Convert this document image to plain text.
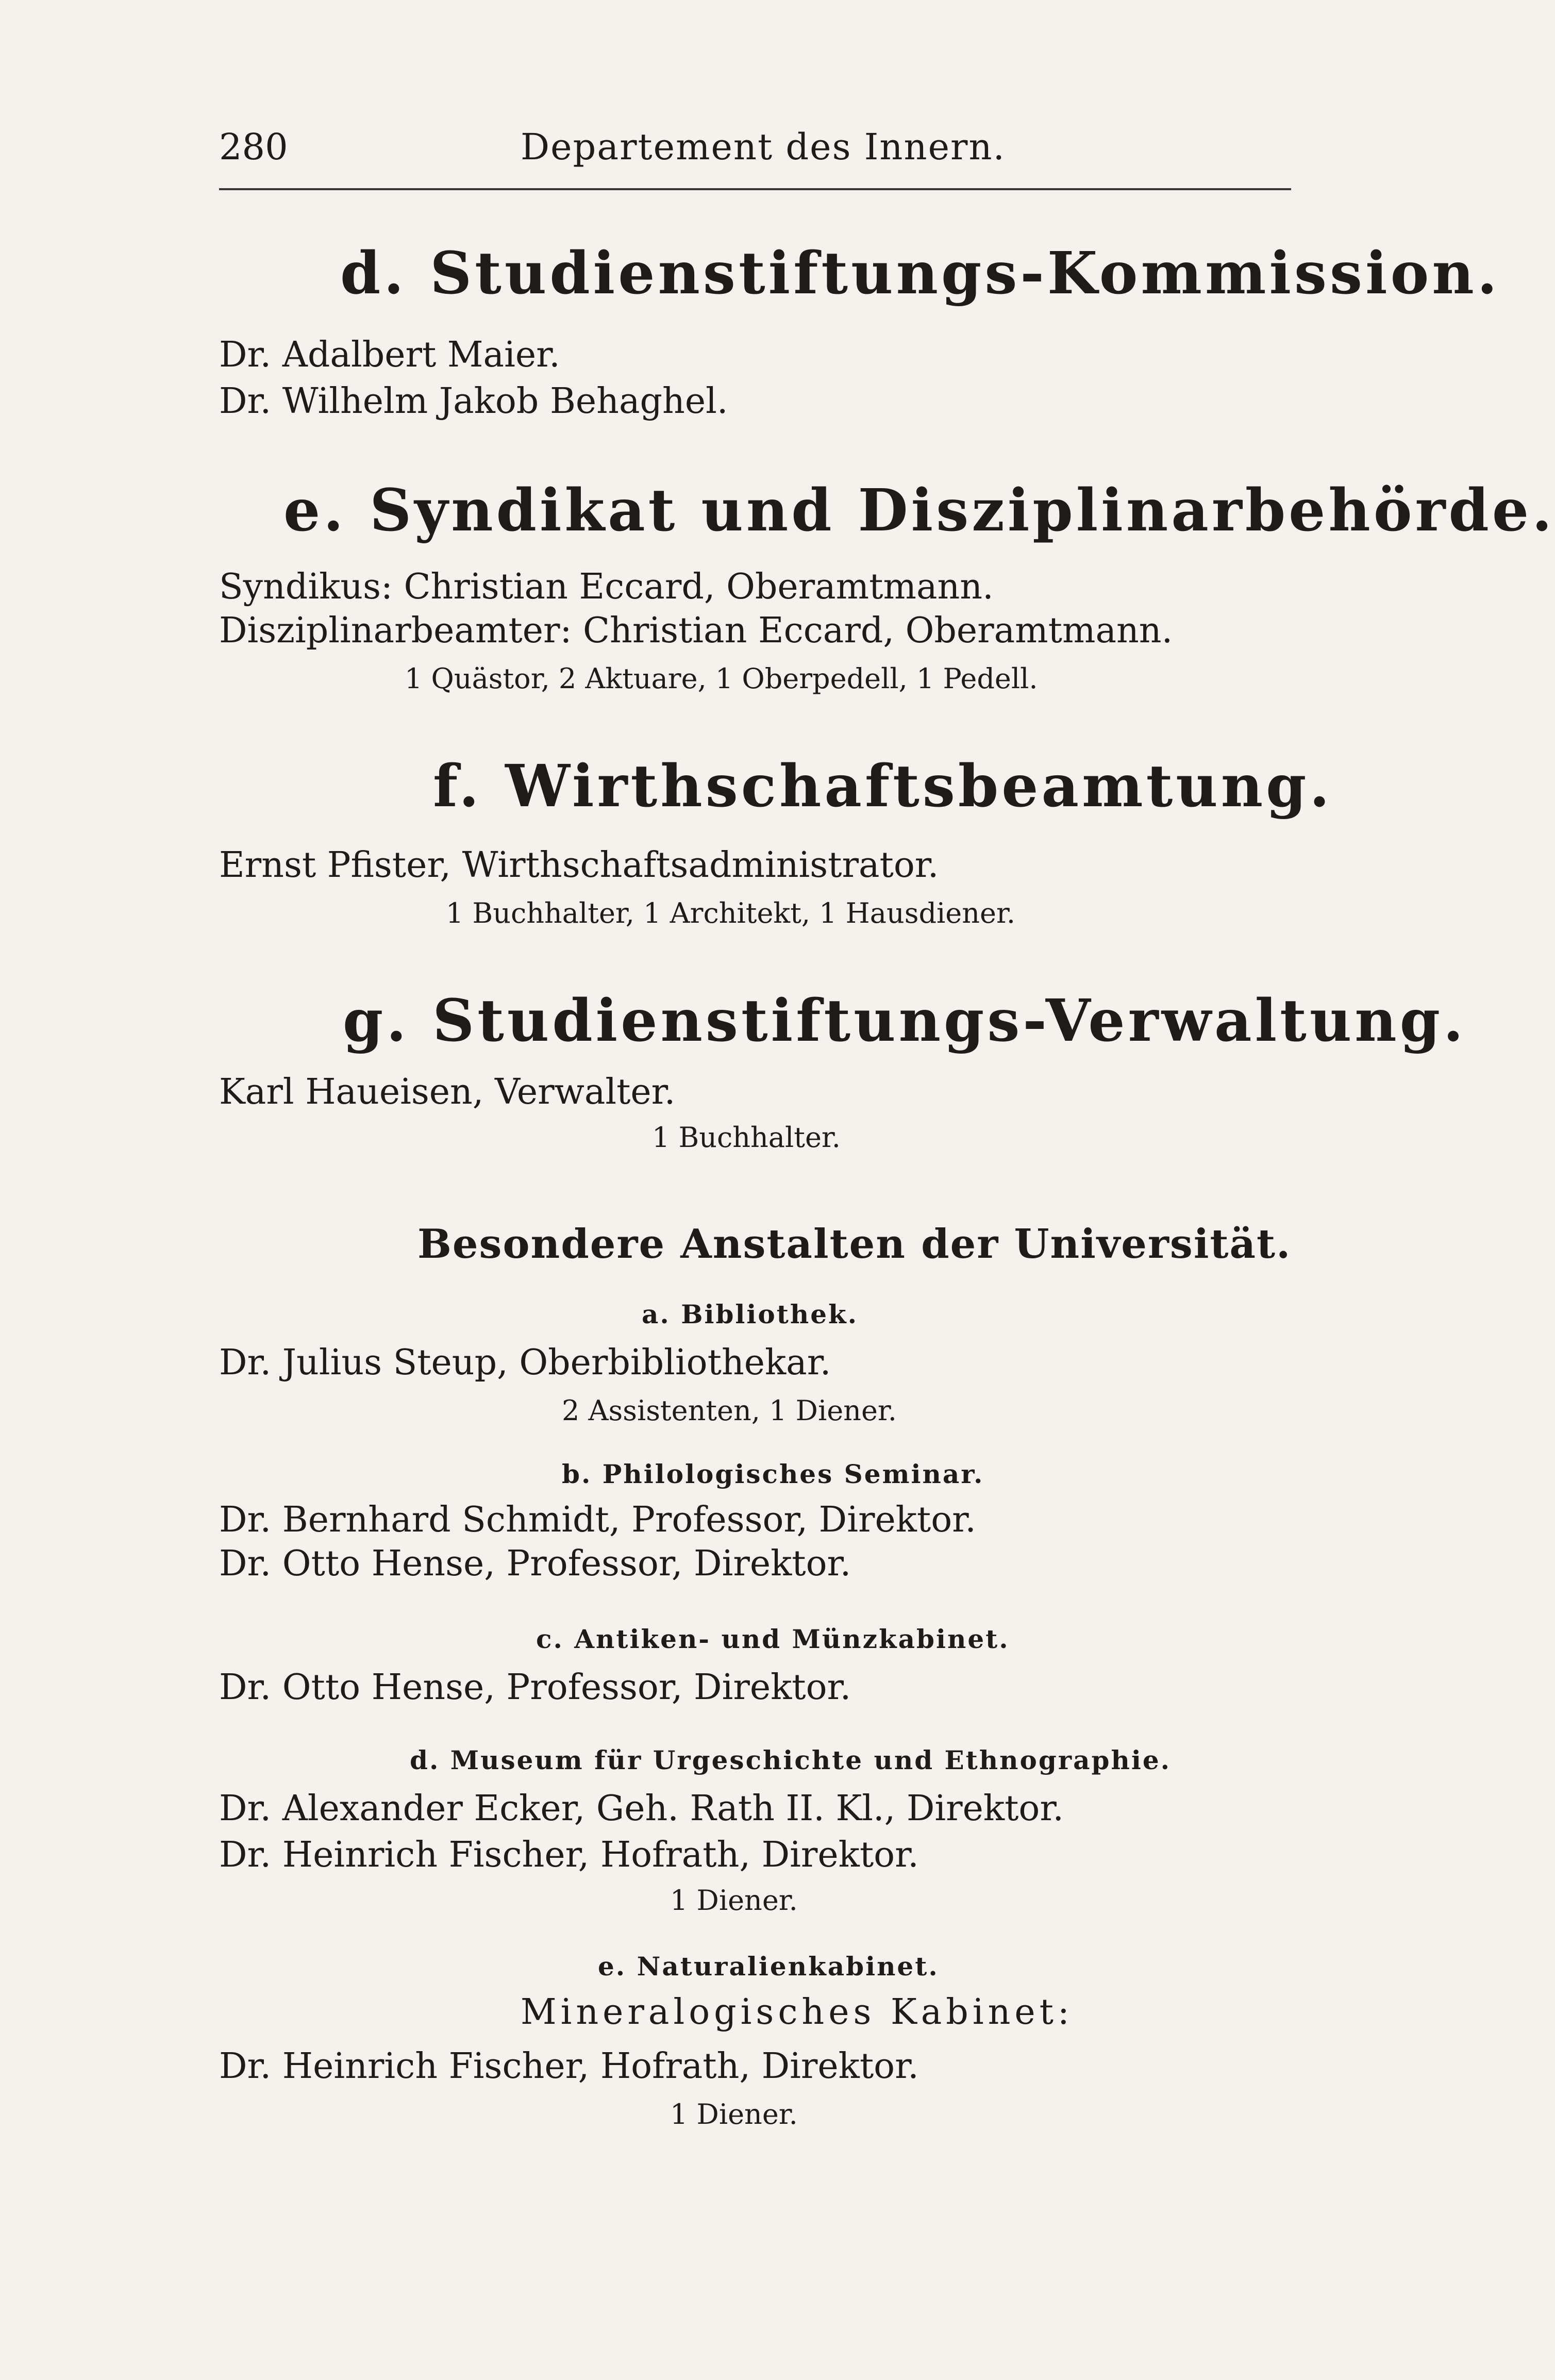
280	Departement des Innern.
d. Studienstiftungs-Kommission.
Dr. Adalbert Maier.
Dr. Wilhelm Jakob Behaghel.
e. Syndikat und Disziplinarbehörde.
Syndikus: Christian Eccard, Oberamtmann.
Disziplinarbeamter: Christian Eccard, Oberamtmann.
1 Quästor, 2 Aktuare, 1 Oberpedell, 1 Pedell.
f. Wirthschaftsbeamtung.
Ernst Pfister, Wirthschaftsadministrator.
1 Buchhalter, 1 Architekt, 1 Hausdiener.
g. Studienstiftungs-Verwaltung.
Karl Haueisen, Verwalter.
1 Buchhalter.
Besondere Anstalten der Universität.
a. Bibliothek.
Dr. Julius Steup, Oberbibliothekar.
2 Assistenten, 1 Diener.
b. Philologisches Seminar.
Dr. Bernhard Schmidt, Professor, Direktor.
Dr. Otto Hense, Professor, Direktor.
c. Antiken- und Münzkabinet.
Dr. Otto Hense, Professor, Direktor.
d. Museum für Urgeschichte und Ethnographie.
Dr. Alexander Ecker, Geh. Rath II. Kl., Direktor.
Dr. Heinrich Fischer, Hofrath, Direktor.
1 Diener.
e. Naturalienkabinet.
Mineralogisches Kabinet:
Dr. Heinrich Fischer, Hofrath, Direktor.
1 Diener.
